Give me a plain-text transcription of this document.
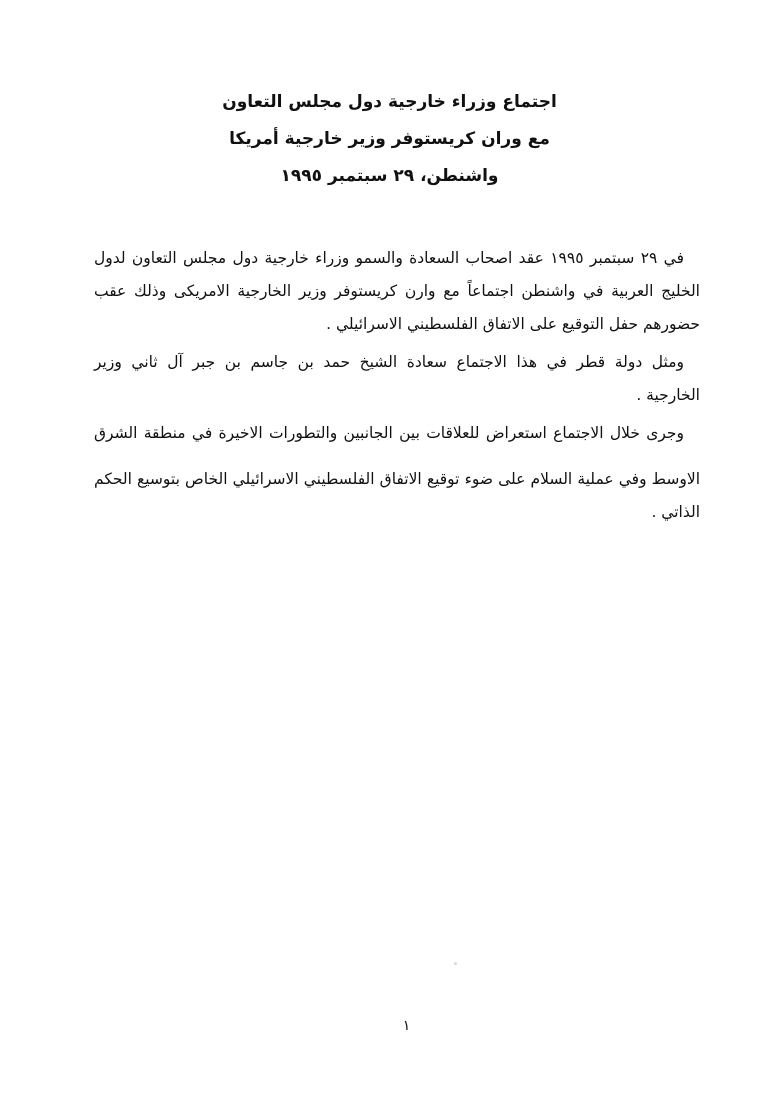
اجتماع وزراء خارجية دول مجلس التعاون
مع وران كريستوفر وزير خارجية أمريكا
واشنطن، ٢٩ سبتمبر ١٩٩٥
في ٢٩ سبتمبر ١٩٩٥ عقد اصحاب السعادة والسمو وزراء خارجية دول مجلس التعاون لدول
الخليج العربية في واشنطن اجتماعاً مع وارن كريستوفر وزير الخارجية الامريكى وذلك عقب
حضورهم حفل التوقيع على الاتفاق الفلسطيني الاسرائيلي .
ومثل دولة قطر في هذا الاجتماع سعادة الشيخ حمد بن جاسم بن جبر آل ثاني وزير
الخارجية .
وجرى خلال الاجتماع استعراض للعلاقات بين الجانبين والتطورات الاخيرة في منطقة الشرق
الاوسط وفي عملية السلام على ضوء توقيع الاتفاق الفلسطيني الاسرائيلي الخاص بتوسيع الحكم
الذاتي .
١
